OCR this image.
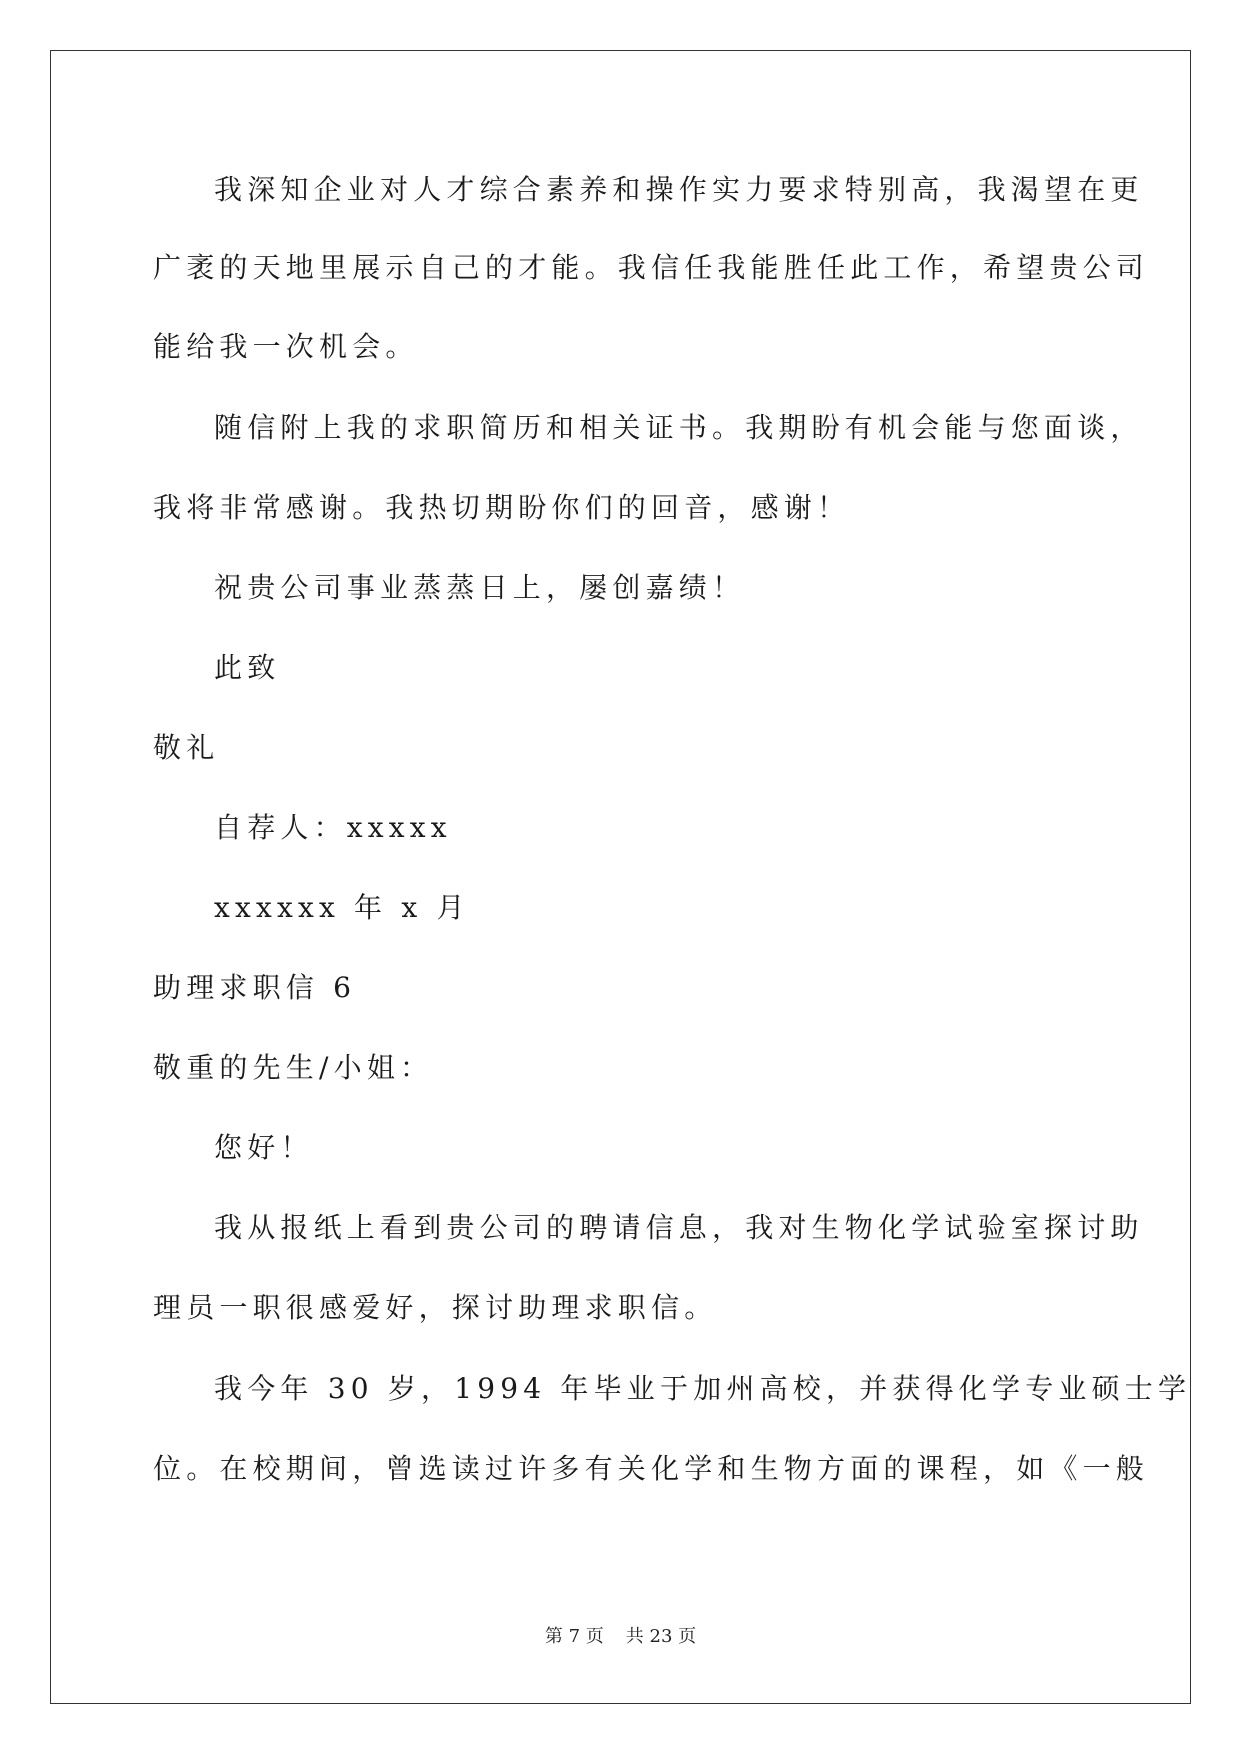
我深知企业对人才综合素养和操作实力要求特别高，我渴望在更
广袤的天地里展示自己的才能。我信任我能胜任此工作，希望贵公司
能给我一次机会。
随信附上我的求职简历和相关证书。我期盼有机会能与您面谈，
我将非常感谢。我热切期盼你们的回音，感谢！
祝贵公司事业蒸蒸日上，屡创嘉绩！
此致
敬礼
自荐人：xxxxx
xxxxxx 年 x 月
助理求职信 6
敬重的先生/小姐：
您好！
我从报纸上看到贵公司的聘请信息，我对生物化学试验室探讨助
理员一职很感爱好，探讨助理求职信。
我今年 30 岁，1994 年毕业于加州高校，并获得化学专业硕士学
位。在校期间，曾选读过许多有关化学和生物方面的课程，如《一般
第 7 页 共 23 页
